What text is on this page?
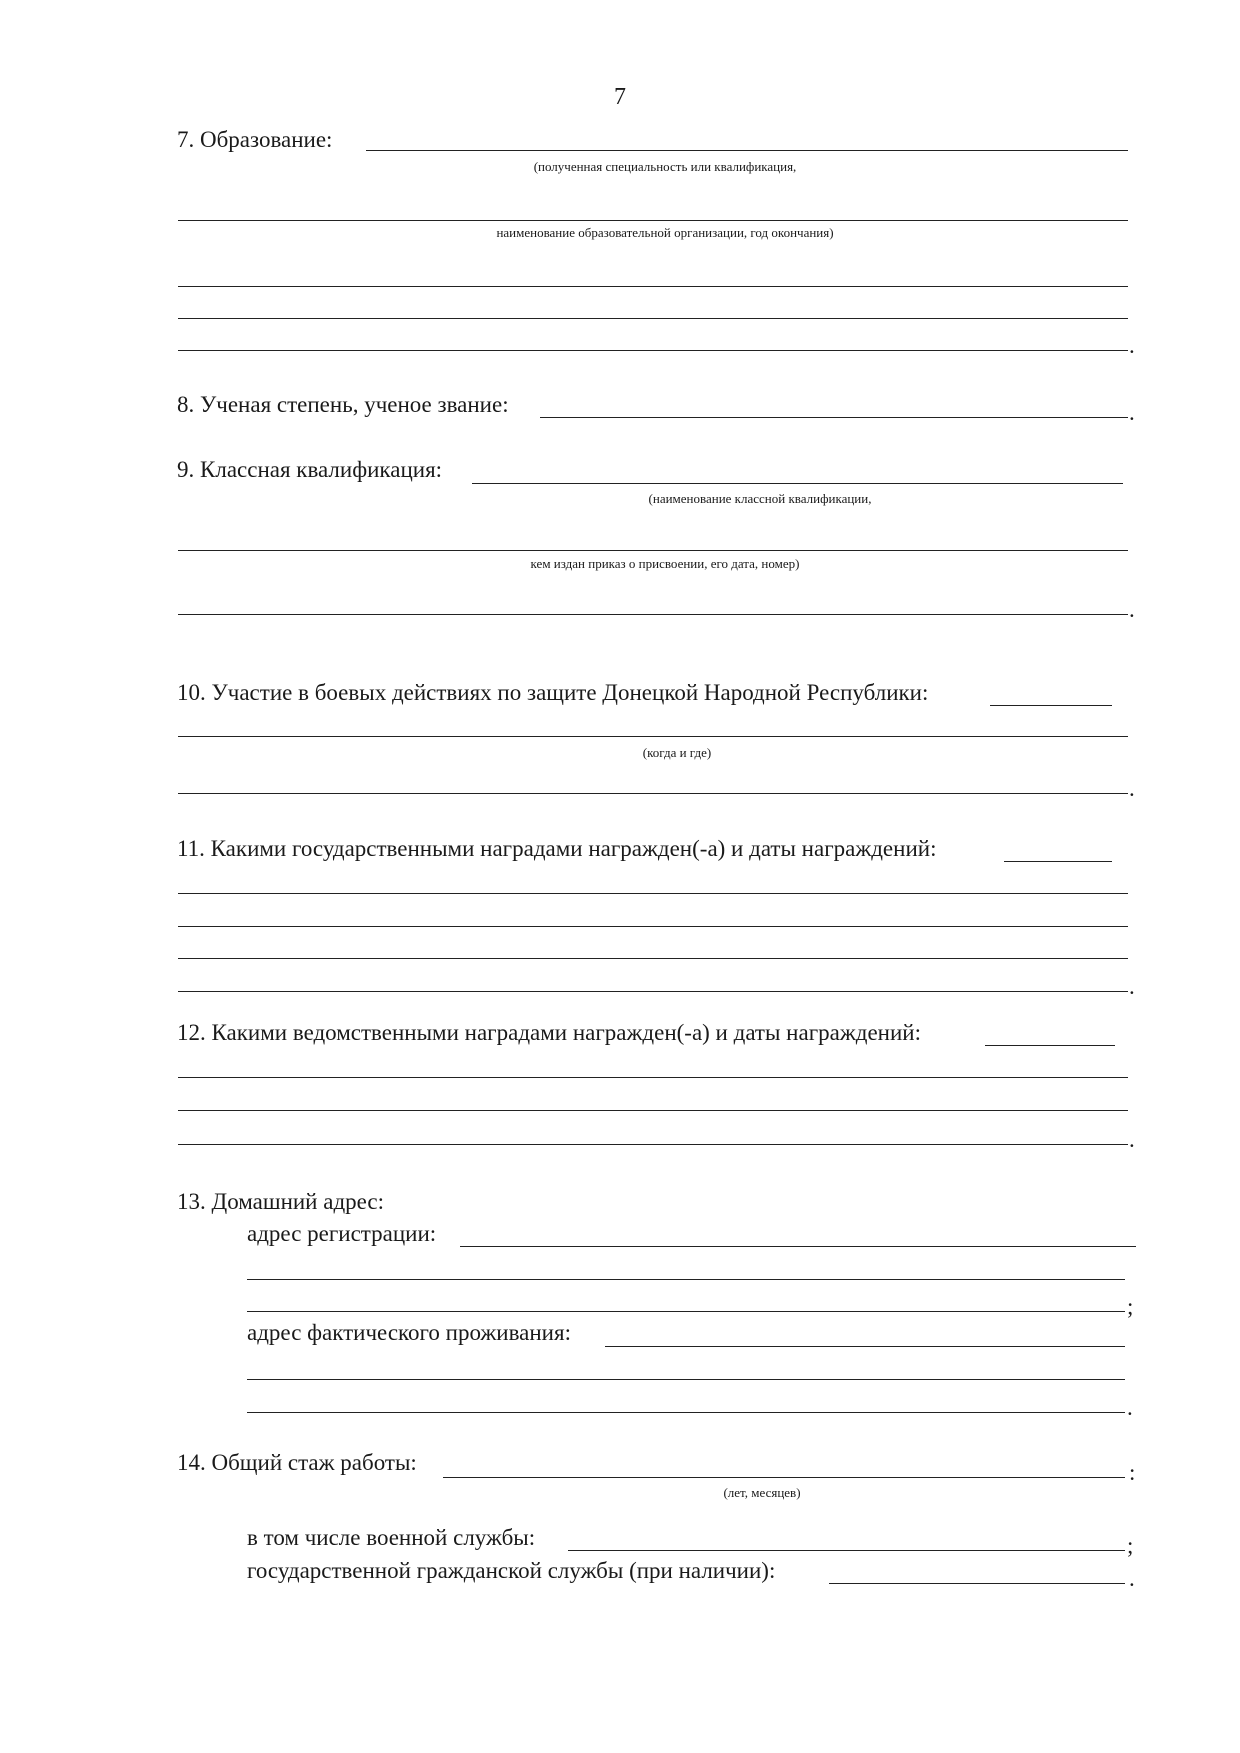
7
7. Образование:
(полученная специальность или квалификация,
наименование образовательной организации, год окончания)
.
8. Ученая степень, ученое звание:	.
9. Классная квалификация:
(наименование классной квалификации,
кем издан приказ о присвоении, его дата, номер)
.
10. Участие в боевых действиях по защите Донецкой Народной Республики:
(когда и где)
.
11. Какими государственными наградами награжден(-а) и даты награждений:
.
12. Какими ведомственными наградами награжден(-а) и даты награждений:
.
13. Домашний адрес:
адрес регистрации:
;
адрес фактического проживания:
.
14. Общий стаж работы:	:
(лет, месяцев)
в том числе военной службы:	;
государственной гражданской службы (при наличии):	.
